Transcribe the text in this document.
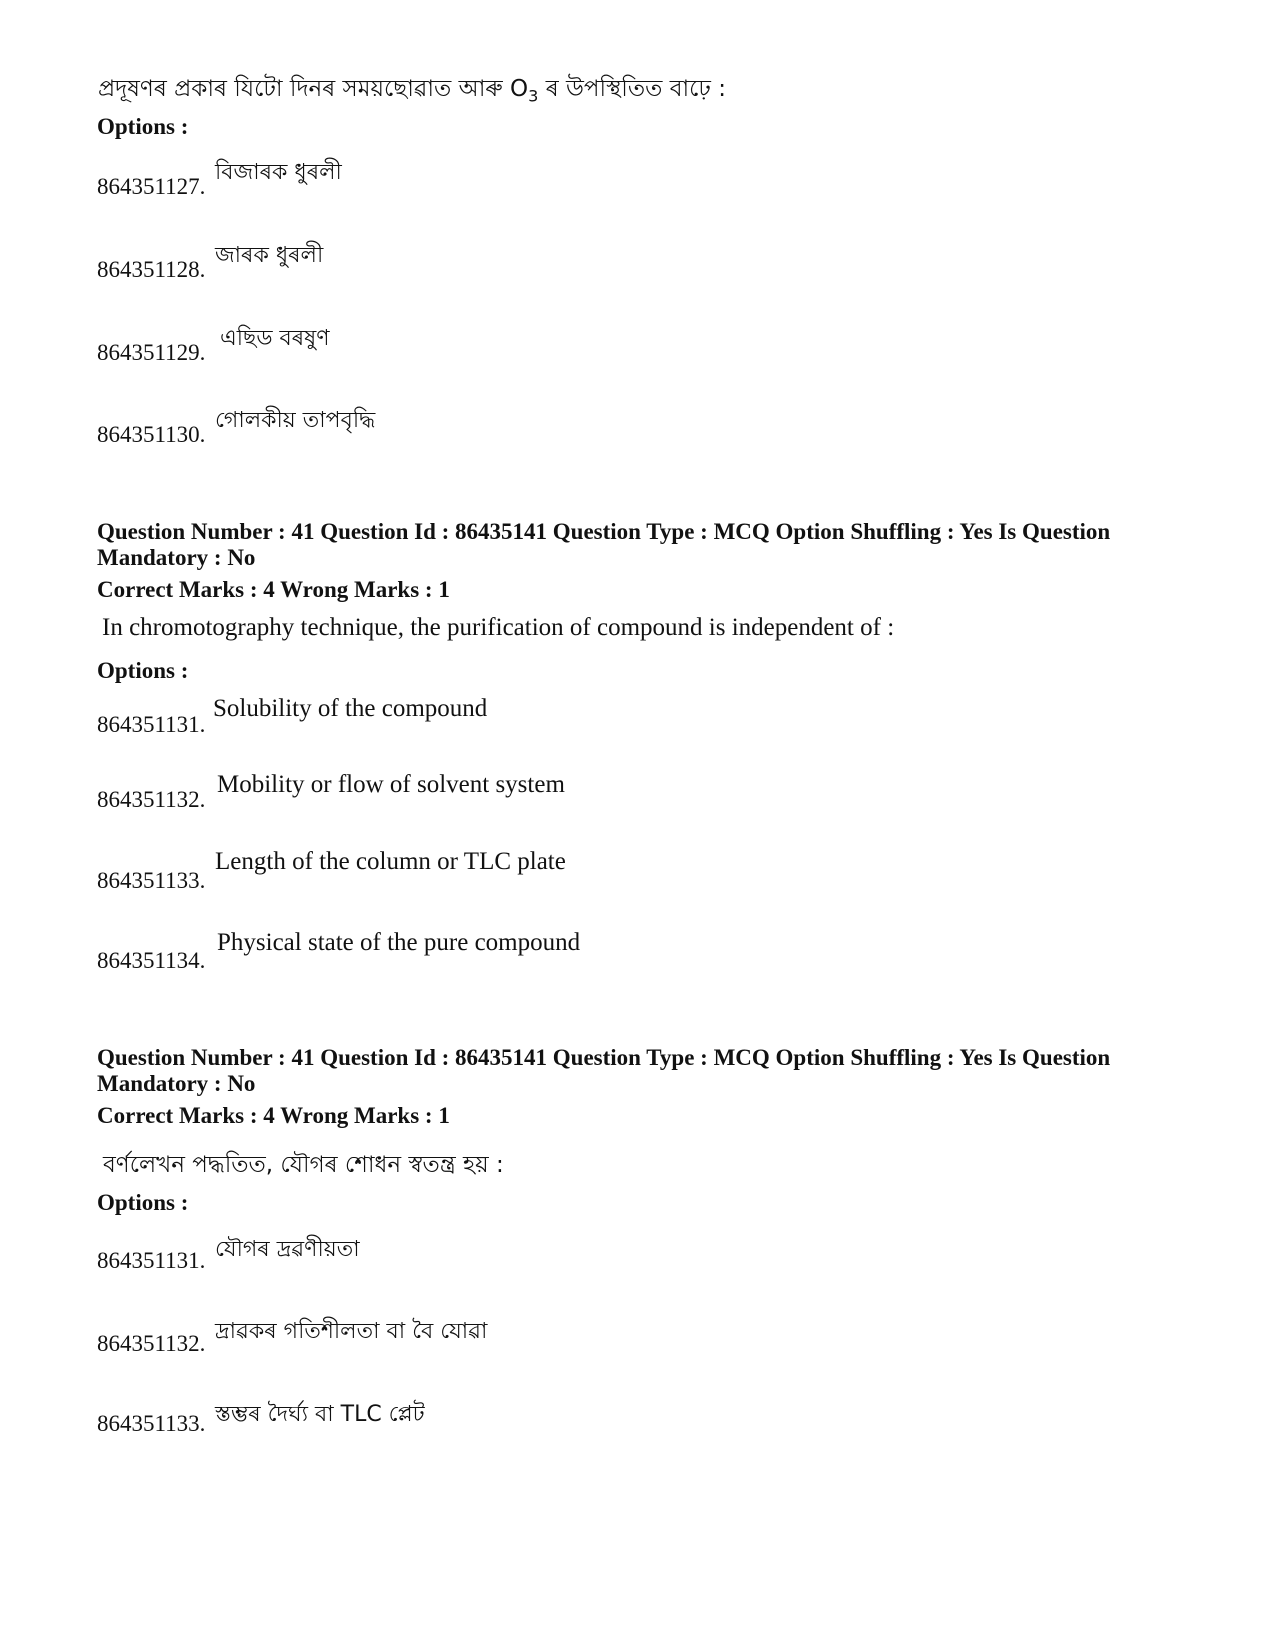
প্ৰদূষণৰ প্ৰকাৰ যিটো দিনৰ সময়ছোৱাত আৰু $O_3$ ৰ উপস্থিতিত বাঢ়ে :
Options :
864351127.
বিজাৰক ধুৰলী
864351128.
জাৰক ধুৰলী
864351129.
এছিড বৰষুণ
864351130.
গোলকীয় তাপবৃদ্ধি
Question Number : 41 Question Id : 86435141 Question Type : MCQ Option Shuffling : Yes Is Question
Mandatory : No
Correct Marks : 4 Wrong Marks : 1
In chromotography technique, the purification of compound is independent of :
Options :
864351131.
Solubility of the compound
864351132.
Mobility or flow of solvent system
864351133.
Length of the column or TLC plate
864351134.
Physical state of the pure compound
Question Number : 41 Question Id : 86435141 Question Type : MCQ Option Shuffling : Yes Is Question
Mandatory : No
Correct Marks : 4 Wrong Marks : 1
বৰ্ণলেখন পদ্ধতিত, যৌগৰ শোধন স্বতন্ত্ৰ হয় :
Options :
864351131. যৌগৰ দ্ৰৱণীয়তা
864351132. দ্ৰাৱকৰ গতিশীলতা বা বৈ যোৱা
864351133. স্তম্ভৰ দৈৰ্ঘ্য বা TLC প্লেট
